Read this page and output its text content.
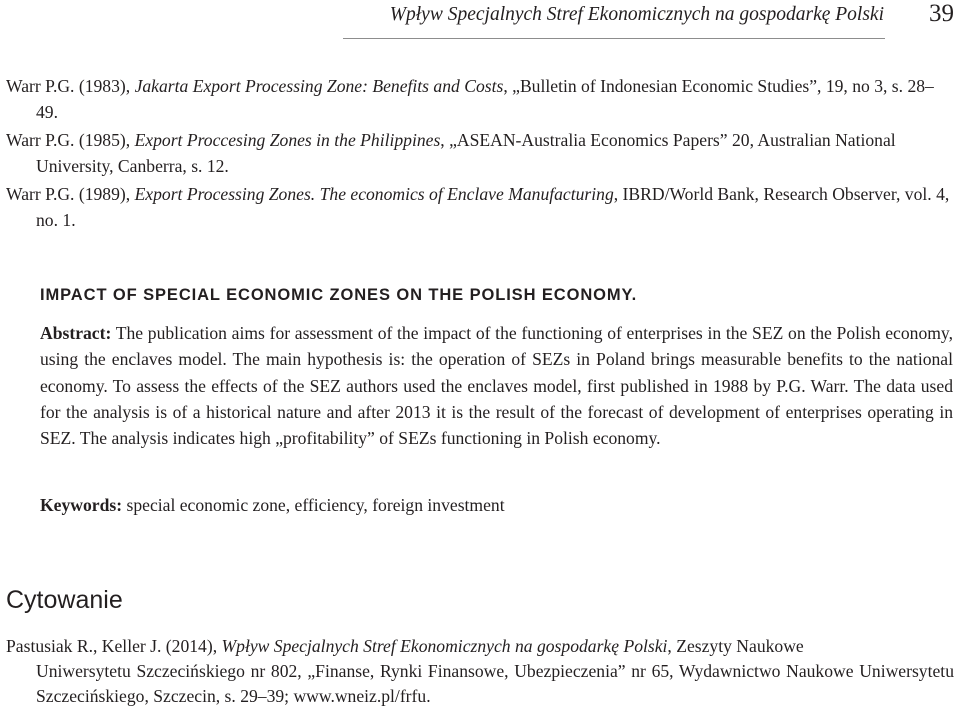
Wpływ Specjalnych Stref Ekonomicznych na gospodarkę Polski 39
Warr P.G. (1983), Jakarta Export Processing Zone: Benefits and Costs, „Bulletin of Indonesian Economic Studies”, 19, no 3, s. 28–49.
Warr P.G. (1985), Export Proccesing Zones in the Philippines, „ASEAN-Australia Economics Papers” 20, Australian National University, Canberra, s. 12.
Warr P.G. (1989), Export Processing Zones. The economics of Enclave Manufacturing, IBRD/World Bank, Research Observer, vol. 4, no. 1.
IMPACT OF SPECIAL ECONOMIC ZONES ON THE POLISH ECONOMY.
Abstract: The publication aims for assessment of the impact of the functioning of enterprises in the SEZ on the Polish economy, using the enclaves model. The main hypothesis is: the operation of SEZs in Poland brings measurable benefits to the national economy. To assess the effects of the SEZ authors used the enclaves model, first published in 1988 by P.G. Warr. The data used for the analysis is of a historical nature and after 2013 it is the result of the forecast of development of enterprises operating in SEZ. The analysis indicates high „profitability” of SEZs functioning in Polish economy.
Keywords: special economic zone, efficiency, foreign investment
Cytowanie
Pastusiak R., Keller J. (2014), Wpływ Specjalnych Stref Ekonomicznych na gospodarkę Polski, Zeszyty Naukowe
Uniwersytetu Szczecińskiego nr 802, „Finanse, Rynki Finansowe, Ubezpieczenia” nr 65, Wydawnictwo Naukowe Uniwersytetu Szczecińskiego, Szczecin, s. 29–39; www.wneiz.pl/frfu.
